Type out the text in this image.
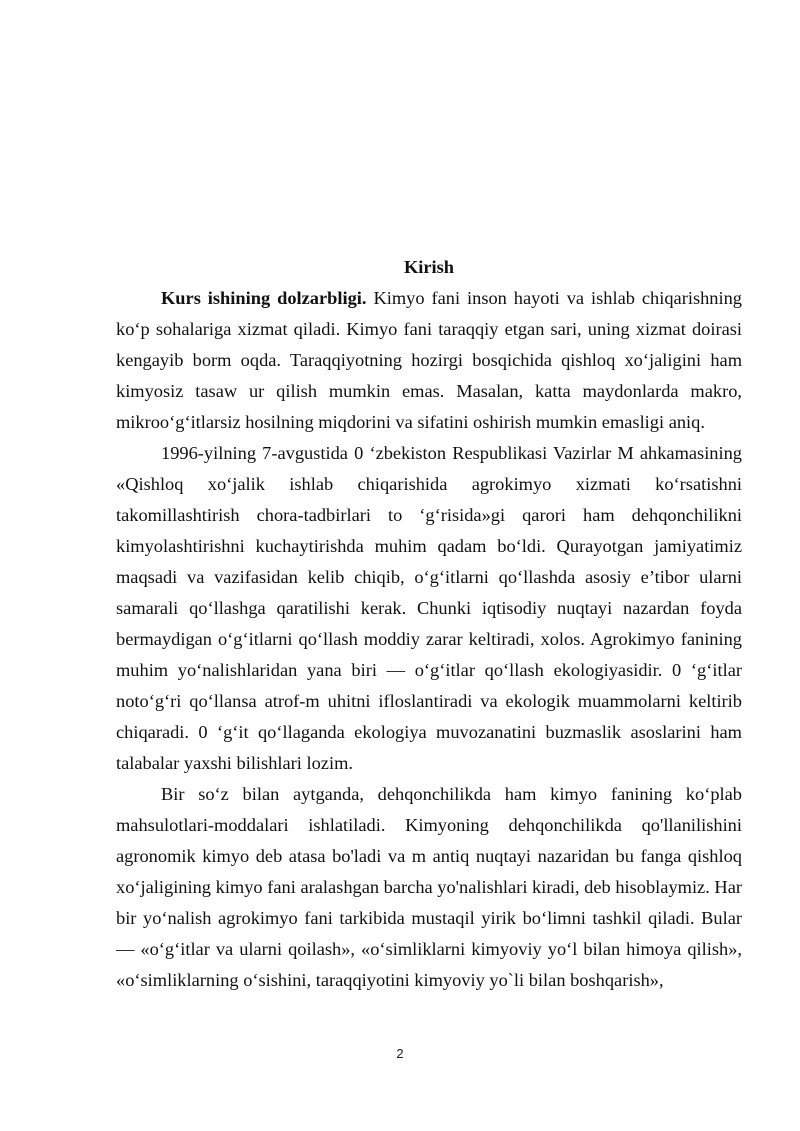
Kirish

Kurs ishining dolzarbligi. Kimyo fani inson hayoti va ishlab chiqarishning ko‘p sohalariga xizmat qiladi. Kimyo fani taraqqiy etgan sari, uning xizmat doirasi kengayib borm oqda. Taraqqiyotning hozirgi bosqichida qishloq xo‘jaligini ham kimyosiz tasaw ur qilish mumkin emas. Masalan, katta maydonlarda makro, mikroo‘g‘itlarsiz hosilning miqdorini va sifatini oshirish mumkin emasligi aniq.

1996-yilning 7-avgustida 0 ‘zbekiston Respublikasi Vazirlar M ahkamasining «Qishloq xo‘jalik ishlab chiqarishida agrokimyo xizmati ko‘rsatishni takomillashtirish chora-tadbirlari to ‘g‘risida»gi qarori ham dehqonchilikni kimyolashtirishni kuchaytirishda muhim qadam bo‘ldi. Qurayotgan jamiyatimiz maqsadi va vazifasidan kelib chiqib, o‘g‘itlarni qo‘llashda asosiy e’tibor ularni samarali qo‘llashga qaratilishi kerak. Chunki iqtisodiy nuqtayi nazardan foyda bermaydigan o‘g‘itlarni qo‘llash moddiy zarar keltiradi, xolos. Agrokimyo fanining muhim yo‘nalishlaridan yana biri — o‘g‘itlar qo‘llash ekologiyasidir. 0 ‘g‘itlar noto‘g‘ri qo‘llansa atrof-m uhitni ifloslantiradi va ekologik muammolarni keltirib chiqaradi. 0 ‘g‘it qo‘llaganda ekologiya muvozanatini buzmaslik asoslarini ham talabalar yaxshi bilishlari lozim.

Bir so‘z bilan aytganda, dehqonchilikda ham kimyo fanining ko‘plab mahsulotlari-moddalari ishlatiladi. Kimyoning dehqonchilikda qo'llanilishini agronomik kimyo deb atasa bo'ladi va m antiq nuqtayi nazaridan bu fanga qishloq xo‘jaligining kimyo fani aralashgan barcha yo'nalishlari kiradi, deb hisoblaymiz. Har bir yo‘nalish agrokimyo fani tarkibida mustaqil yirik bo‘limni tashkil qiladi. Bular — «o‘g‘itlar va ularni qoilash», «o‘simliklarni kimyoviy yo‘l bilan himoya qilish», «o‘simliklarning o‘sishini, taraqqiyotini kimyoviy yo`li bilan boshqarish»,

2
